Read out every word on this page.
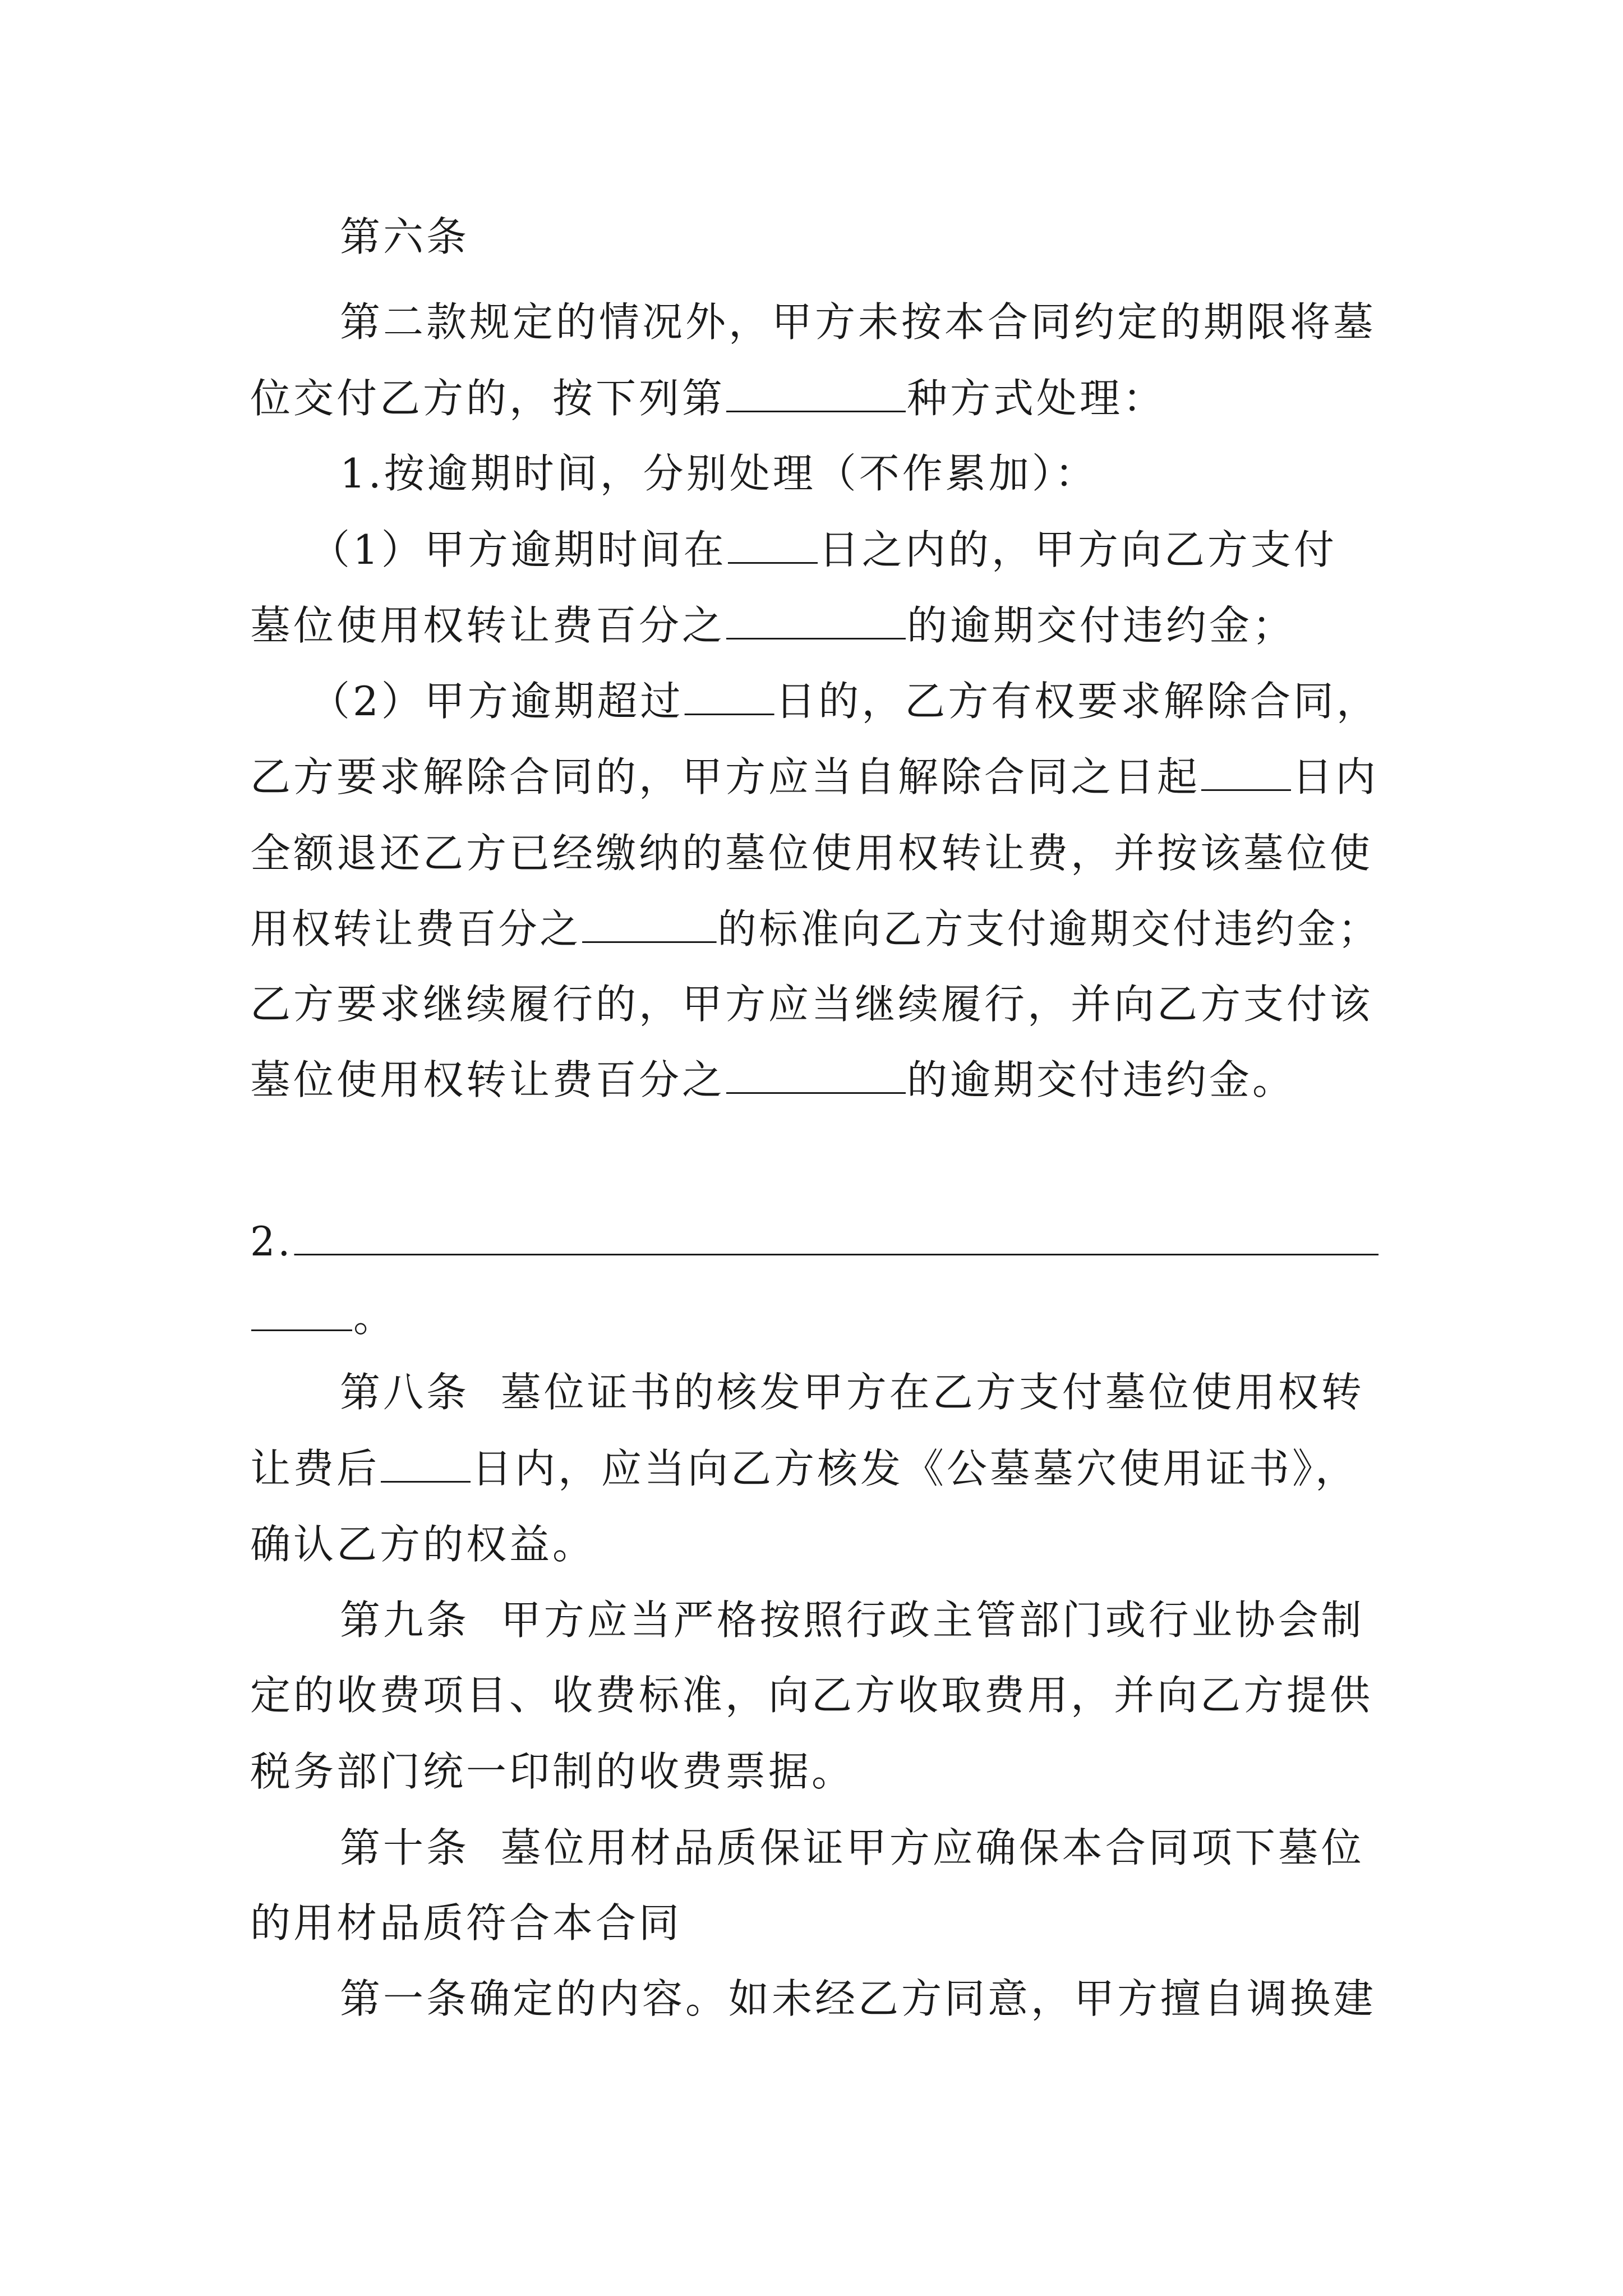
第六条
第二款规定的情况外，甲方未按本合同约定的期限将墓
位交付乙方的，按下列第	种方式处理：
1.按逾期时间，分别处理（不作累加）：
（1）甲方逾期时间在 日之内的，甲方向乙方支付
墓位使用权转让费百分之	的逾期交付违约金；
（2）甲方逾期超过 日的，乙方有权要求解除合同，
乙方要求解除合同的，甲方应当自解除合同之日起 日内
全额退还乙方已经缴纳的墓位使用权转让费，并按该墓位使
用权转让费百分之	的标准向乙方支付逾期交付违约金；
乙方要求继续履行的，甲方应当继续履行，并向乙方支付该
墓位使用权转让费百分之	的逾期交付违约金。
2.
。
第八条  墓位证书的核发甲方在乙方支付墓位使用权转
让费后 日内，应当向乙方核发《公墓墓穴使用证书》，
确认乙方的权益。
第九条  甲方应当严格按照行政主管部门或行业协会制
定的收费项目、收费标准，向乙方收取费用，并向乙方提供
税务部门统一印制的收费票据。
第十条  墓位用材品质保证甲方应确保本合同项下墓位
的用材品质符合本合同
第一条确定的内容。如未经乙方同意，甲方擅自调换建
